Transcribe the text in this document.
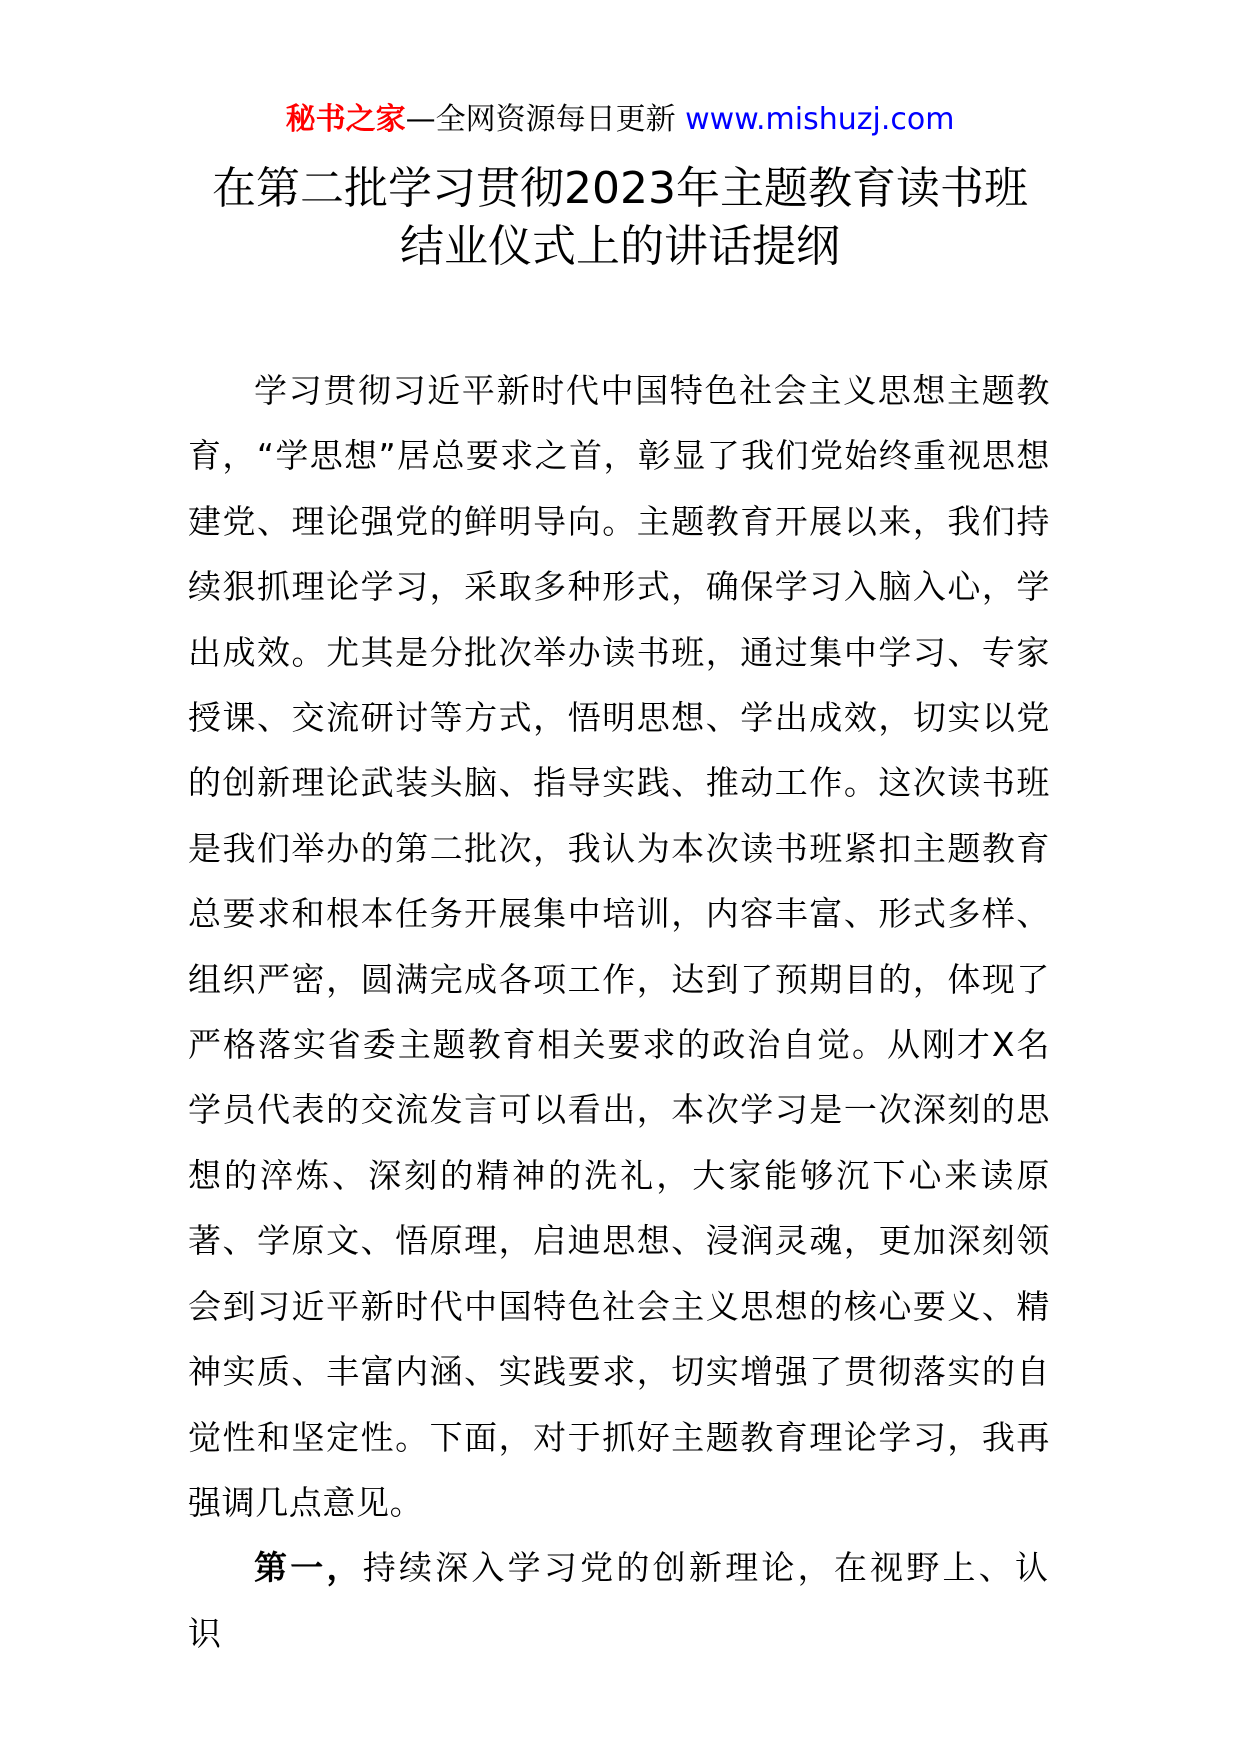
秘书之家—全网资源每日更新 www.mishuzj.com
在第二批学习贯彻2023年主题教育读书班
结业仪式上的讲话提纲

学习贯彻习近平新时代中国特色社会主义思想主题教育，“学思想”居总要求之首，彰显了我们党始终重视思想建党、理论强党的鲜明导向。主题教育开展以来，我们持续狠抓理论学习，采取多种形式，确保学习入脑入心，学出成效。尤其是分批次举办读书班，通过集中学习、专家授课、交流研讨等方式，悟明思想、学出成效，切实以党的创新理论武装头脑、指导实践、推动工作。这次读书班是我们举办的第二批次，我认为本次读书班紧扣主题教育总要求和根本任务开展集中培训，内容丰富、形式多样、组织严密，圆满完成各项工作，达到了预期目的，体现了严格落实省委主题教育相关要求的政治自觉。从刚才X名学员代表的交流发言可以看出，本次学习是一次深刻的思想的淬炼、深刻的精神的洗礼，大家能够沉下心来读原著、学原文、悟原理，启迪思想、浸润灵魂，更加深刻领会到习近平新时代中国特色社会主义思想的核心要义、精神实质、丰富内涵、实践要求，切实增强了贯彻落实的自觉性和坚定性。下面，对于抓好主题教育理论学习，我再强调几点意见。

第一，持续深入学习党的创新理论，在视野上、认识
